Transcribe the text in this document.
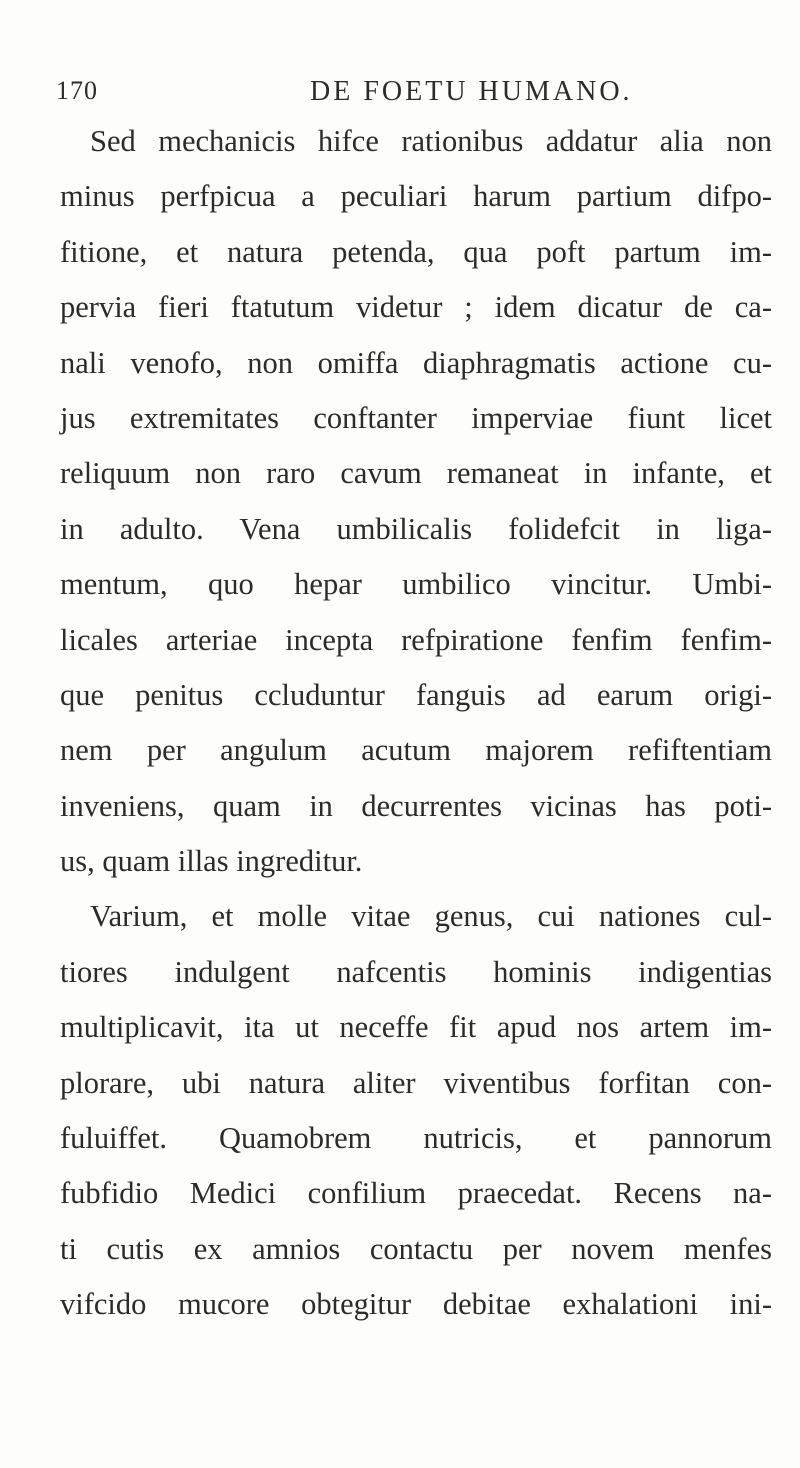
170	DE FOETU HUMANO.
Sed mechanicis hifce rationibus addatur alia non
minus perfpicua a peculiari harum partium difpo-
fitione, et natura petenda, qua poft partum im-
pervia fieri ftatutum videtur ; idem dicatur de ca-
nali venofo, non omiffa diaphragmatis actione cu-
jus extremitates conftanter imperviae fiunt licet
reliquum non raro cavum remaneat in infante, et
in adulto. Vena umbilicalis folidefcit in liga-
mentum, quo hepar umbilico vincitur. Umbi-
licales arteriae incepta refpiratione fenfim fenfim-
que penitus ccluduntur fanguis ad earum origi-
nem per angulum acutum majorem refiftentiam
inveniens, quam in decurrentes vicinas has poti-
us, quam illas ingreditur.
Varium, et molle vitae genus, cui nationes cul-
tiores indulgent nafcentis hominis indigentias
multiplicavit, ita ut neceffe fit apud nos artem im-
plorare, ubi natura aliter viventibus forfitan con-
fuluiffet. Quamobrem nutricis, et pannorum
fubfidio Medici confilium praecedat. Recens na-
ti cutis ex amnios contactu per novem menfes
vifcido mucore obtegitur debitae exhalationi ini-
